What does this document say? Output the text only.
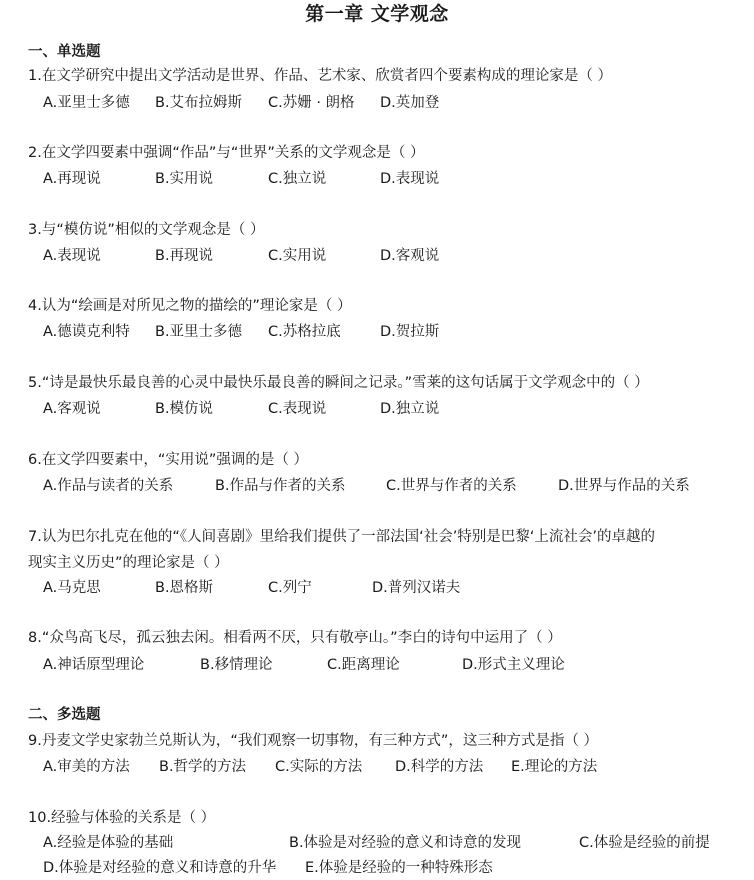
第一章 文学观念
一、单选题
1.在文学研究中提出文学活动是世界、作品、艺术家、欣赏者四个要素构成的理论家是（ ）
A.亚里士多德 B.艾布拉姆斯 C.苏姗 · 朗格 D.英加登
2.在文学四要素中强调“作品”与“世界”关系的文学观念是（ ）
A.再现说	B.实用说	C.独立说	D.表现说
3.与“模仿说”相似的文学观念是（ ）
A.表现说	B.再现说	C.实用说	D.客观说
4.认为“绘画是对所见之物的描绘的”理论家是（ ）
A.德谟克利特 B.亚里士多德 C.苏格拉底	D.贺拉斯
5.“诗是最快乐最良善的心灵中最快乐最良善的瞬间之记录。”雪莱的这句话属于文学观念中的（ ）
A.客观说	B.模仿说	C.表现说	D.独立说
6.在文学四要素中，“实用说”强调的是（ ）
A.作品与读者的关系	B.作品与作者的关系	C.世界与作者的关系	D.世界与作品的关系
7.认为巴尔扎克在他的“《人间喜剧》里给我们提供了一部法国‘社会’特别是巴黎‘上流社会’的卓越的
现实主义历史”的理论家是（ ）
A.马克思	B.恩格斯	C.列宁	D.普列汉诺夫
8.“众鸟高飞尽，孤云独去闲。相看两不厌，只有敬亭山。”李白的诗句中运用了（ ）
A.神话原型理论	B.移情理论	C.距离理论	D.形式主义理论
二、多选题
9.丹麦文学史家勃兰兑斯认为，“我们观察一切事物，有三种方式”，这三种方式是指（ ）
A.审美的方法 B.哲学的方法 C.实际的方法 D.科学的方法 E.理论的方法
10.经验与体验的关系是（ ）
A.经验是体验的基础	B.体验是对经验的意义和诗意的发现	C.体验是经验的前提
D.体验是对经验的意义和诗意的升华 E.体验是经验的一种特殊形态
